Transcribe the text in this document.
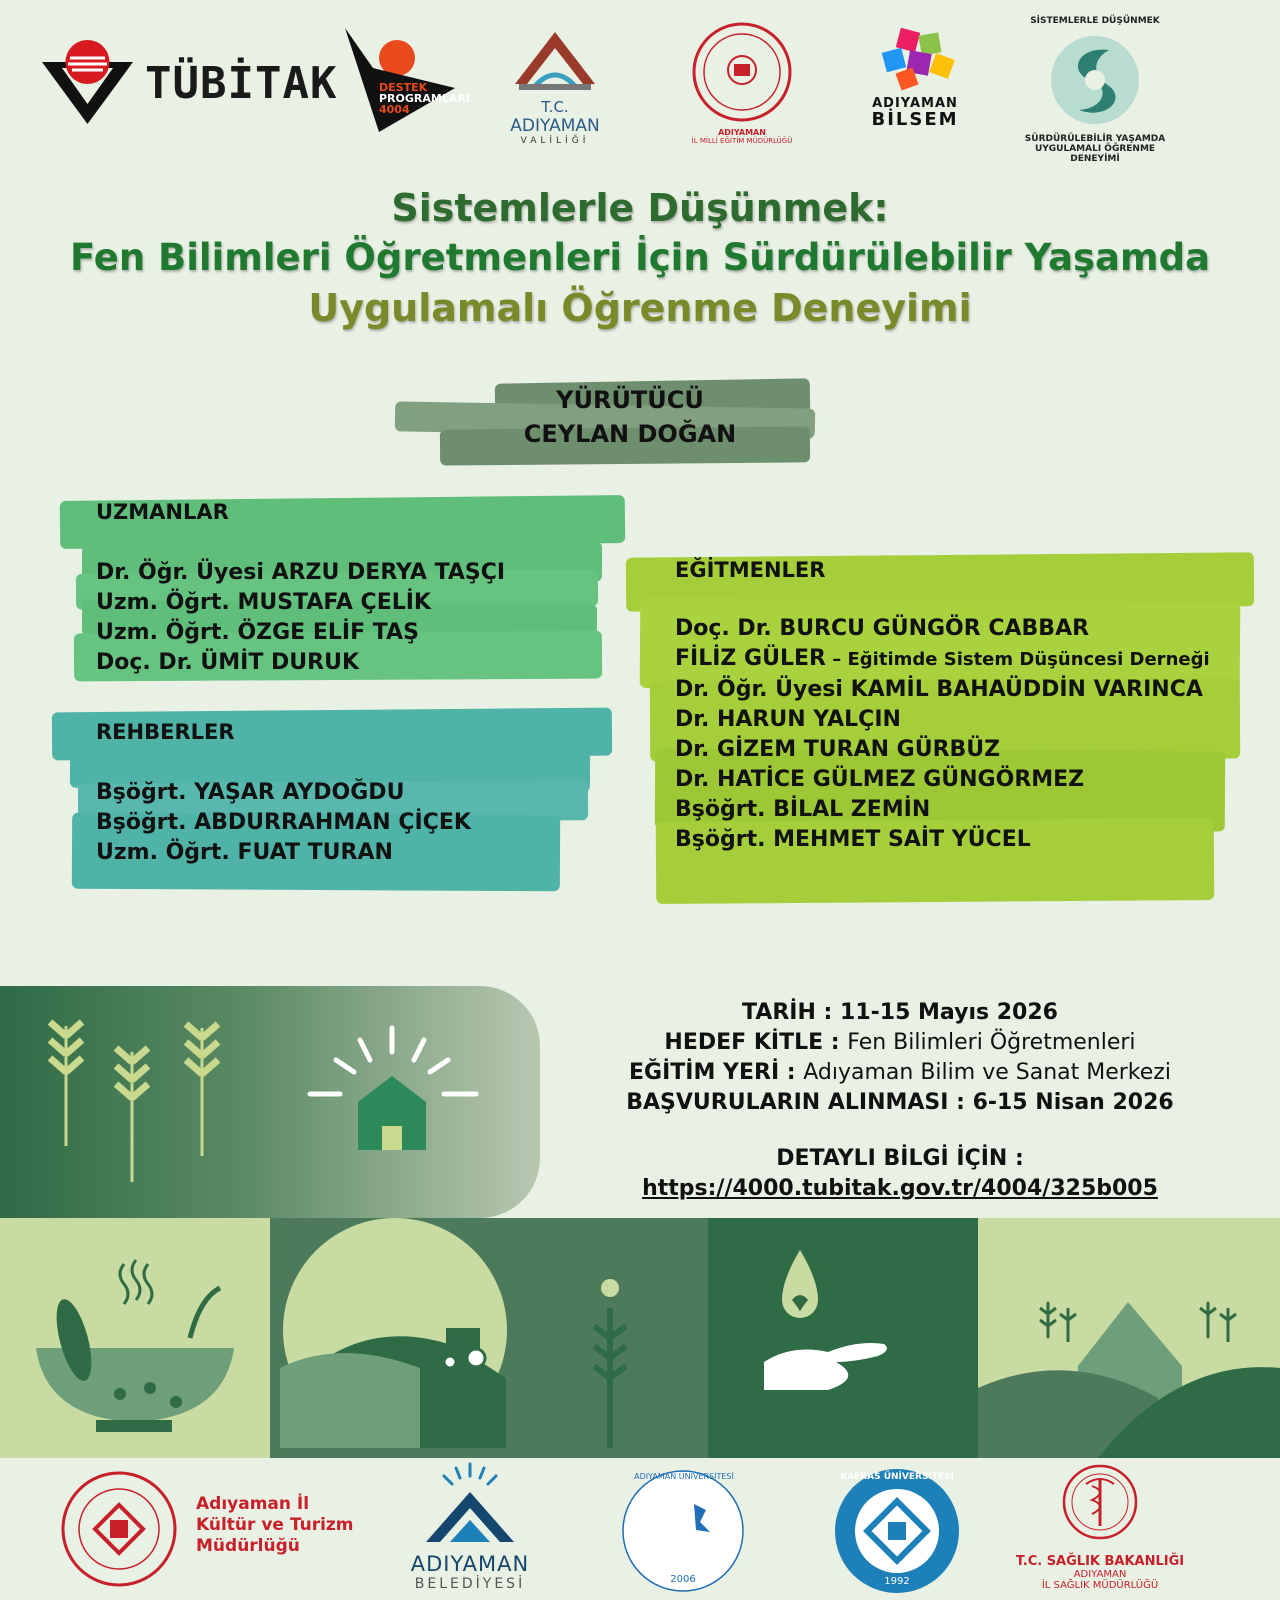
TÜBİTAK	DESTEK
PROGRAMLARI
4004	T.C.
ADIYAMAN
VALİLİĞİ
ADIYAMAN
İL MİLLİ EĞİTİM MÜDÜRLÜĞÜ
ADIYAMAN
BİLSEM
SİSTEMLERLE DÜŞÜNMEK
SÜRDÜRÜLEBİLİR YAŞAMDA
UYGULAMALI ÖĞRENME DENEYİMİ
Sistemlerle Düşünmek:
Fen Bilimleri Öğretmenleri İçin Sürdürülebilir Yaşamda
Uygulamalı Öğrenme Deneyimi
YÜRÜTÜCÜ
CEYLAN DOĞAN
UZMANLAR
Dr. Öğr. Üyesi ARZU DERYA TAŞÇI
Uzm. Öğrt. MUSTAFA ÇELİK
Uzm. Öğrt. ÖZGE ELİF TAŞ
Doç. Dr. ÜMİT DURUK
REHBERLER
Bşöğrt. YAŞAR AYDOĞDU
Bşöğrt. ABDURRAHMAN ÇİÇEK
Uzm. Öğrt. FUAT TURAN
EĞİTMENLER
Doç. Dr. BURCU GÜNGÖR CABBAR
FİLİZ GÜLER – Eğitimde Sistem Düşüncesi Derneği
Dr. Öğr. Üyesi KAMİL BAHAÜDDİN VARINCA
Dr. HARUN YALÇIN
Dr. GİZEM TURAN GÜRBÜZ
Dr. HATİCE GÜLMEZ GÜNGÖRMEZ
Bşöğrt. BİLAL ZEMİN
Bşöğrt. MEHMET SAİT YÜCEL
TARİH : 11-15 Mayıs 2026
HEDEF KİTLE : Fen Bilimleri Öğretmenleri
EĞİTİM YERİ : Adıyaman Bilim ve Sanat Merkezi
BAŞVURULARIN ALINMASI : 6-15 Nisan 2026
DETAYLI BİLGİ İÇİN :
https://4000.tubitak.gov.tr/4004/325b005
Adıyaman İl
Kültür ve Turizm
Müdürlüğü
ADIYAMAN
BELEDİYESİ
ADIYAMAN ÜNİVERSİTESİ
2006
KAFKAS ÜNİVERSİTESİ
1992
T.C. SAĞLIK BAKANLIĞI
ADIYAMAN
İL SAĞLIK MÜDÜRLÜĞÜ
